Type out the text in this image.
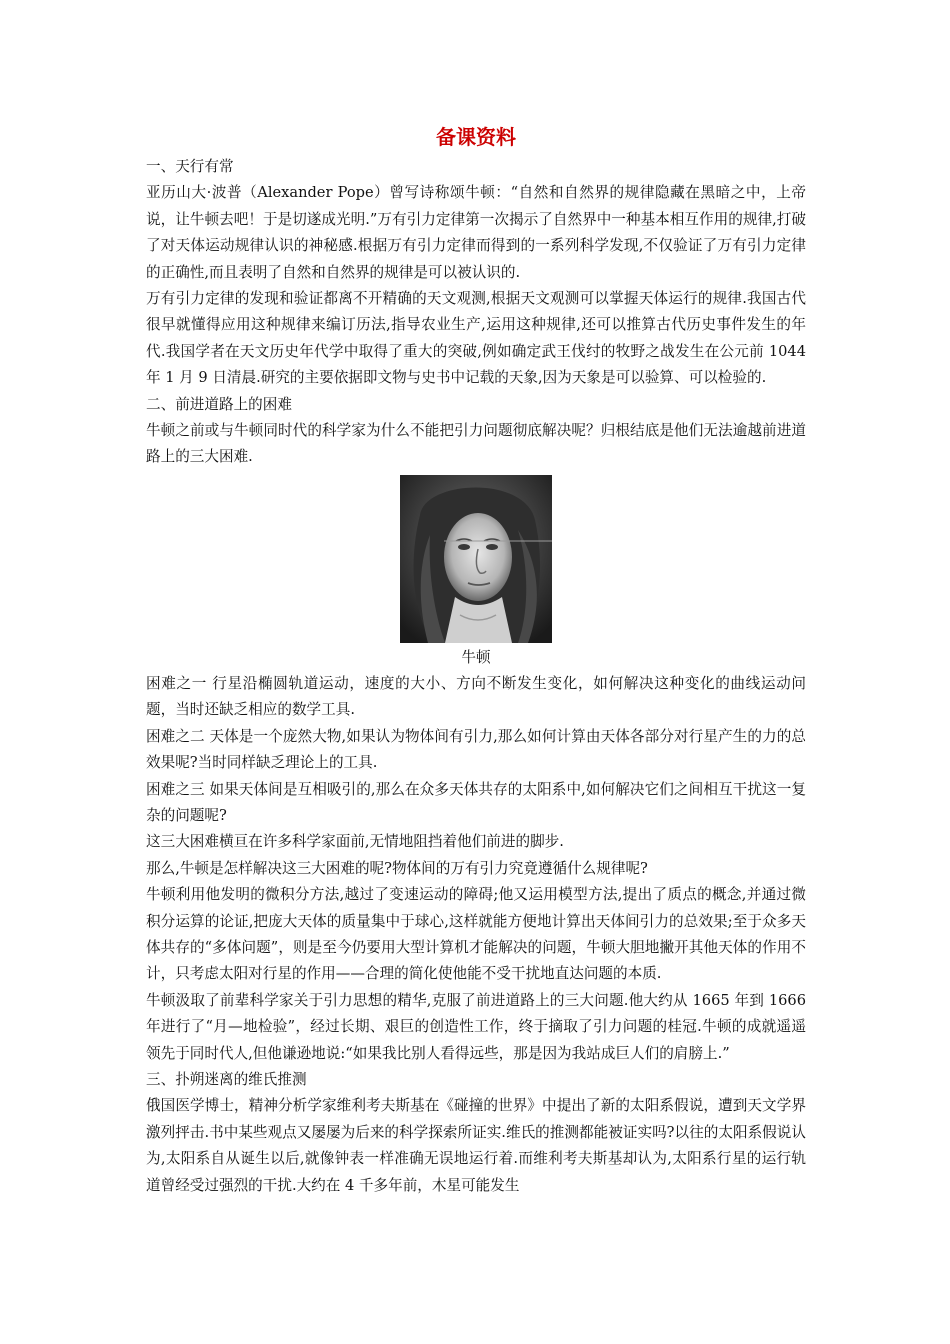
备课资料

一、天行有常

亚历山大·波普（Alexander Pope）曾写诗称颂牛顿：“自然和自然界的规律隐藏在黑暗之中，上帝说，让牛顿去吧！于是切遂成光明.”万有引力定律第一次揭示了自然界中一种基本相互作用的规律,打破了对天体运动规律认识的神秘感.根据万有引力定律而得到的一系列科学发现,不仅验证了万有引力定律的正确性,而且表明了自然和自然界的规律是可以被认识的.

万有引力定律的发现和验证都离不开精确的天文观测,根据天文观测可以掌握天体运行的规律.我国古代很早就懂得应用这种规律来编订历法,指导农业生产,运用这种规律,还可以推算古代历史事件发生的年代.我国学者在天文历史年代学中取得了重大的突破,例如确定武王伐纣的牧野之战发生在公元前 1044 年 1 月 9 日清晨.研究的主要依据即文物与史书中记载的天象,因为天象是可以验算、可以检验的.

二、前进道路上的困难

牛顿之前或与牛顿同时代的科学家为什么不能把引力问题彻底解决呢？归根结底是他们无法逾越前进道路上的三大困难.

牛顿

困难之一 行星沿椭圆轨道运动，速度的大小、方向不断发生变化，如何解决这种变化的曲线运动问题，当时还缺乏相应的数学工具.

困难之二 天体是一个庞然大物,如果认为物体间有引力,那么如何计算由天体各部分对行星产生的力的总效果呢?当时同样缺乏理论上的工具.

困难之三 如果天体间是互相吸引的,那么在众多天体共存的太阳系中,如何解决它们之间相互干扰这一复杂的问题呢?

这三大困难横亘在许多科学家面前,无情地阻挡着他们前进的脚步.

那么,牛顿是怎样解决这三大困难的呢?物体间的万有引力究竟遵循什么规律呢?

牛顿利用他发明的微积分方法,越过了变速运动的障碍;他又运用模型方法,提出了质点的概念,并通过微积分运算的论证,把庞大天体的质量集中于球心,这样就能方便地计算出天体间引力的总效果;至于众多天体共存的“多体问题”，则是至今仍要用大型计算机才能解决的问题，牛顿大胆地撇开其他天体的作用不计，只考虑太阳对行星的作用——合理的简化使他能不受干扰地直达问题的本质.

牛顿汲取了前辈科学家关于引力思想的精华,克服了前进道路上的三大问题.他大约从 1665 年到 1666 年进行了“月—地检验”，经过长期、艰巨的创造性工作，终于摘取了引力问题的桂冠.牛顿的成就遥遥领先于同时代人,但他谦逊地说:“如果我比别人看得远些，那是因为我站成巨人们的肩膀上.”

三、扑朔迷离的维氏推测

俄国医学博士，精神分析学家维利考夫斯基在《碰撞的世界》中提出了新的太阳系假说，遭到天文学界激列抨击.书中某些观点又屡屡为后来的科学探索所证实.维氏的推测都能被证实吗?以往的太阳系假说认为,太阳系自从诞生以后,就像钟表一样准确无误地运行着.而维利考夫斯基却认为,太阳系行星的运行轨道曾经受过强烈的干扰.大约在 4 千多年前，木星可能发生
